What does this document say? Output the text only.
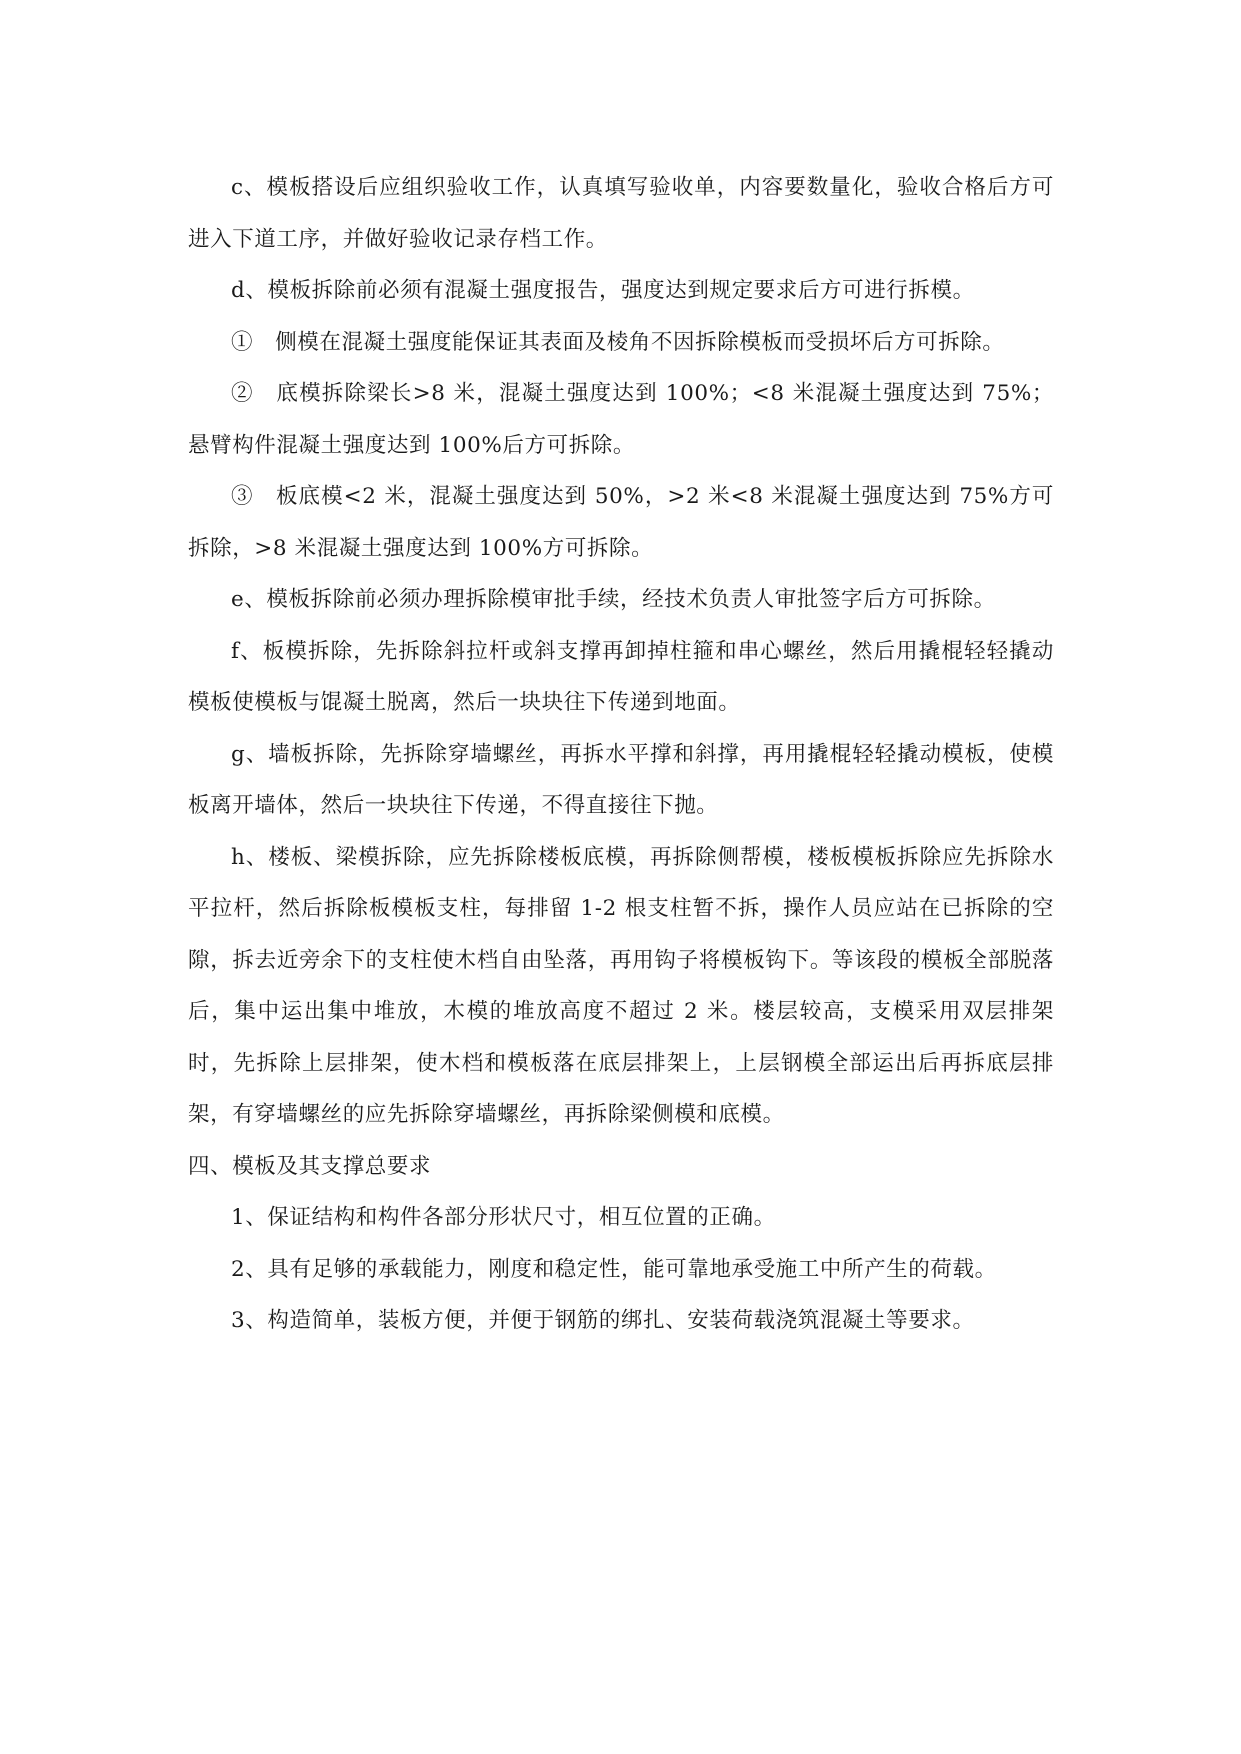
c、模板搭设后应组织验收工作，认真填写验收单，内容要数量化，验收合格后方可进入下道工序，并做好验收记录存档工作。

d、模板拆除前必须有混凝土强度报告，强度达到规定要求后方可进行拆模。

①　侧模在混凝土强度能保证其表面及棱角不因拆除模板而受损坏后方可拆除。

②　底模拆除梁长>8 米，混凝土强度达到 100%；<8 米混凝土强度达到 75%；悬臂构件混凝土强度达到 100%后方可拆除。

③　板底模<2 米，混凝土强度达到 50%，>2 米<8 米混凝土强度达到 75%方可拆除，>8 米混凝土强度达到 100%方可拆除。

e、模板拆除前必须办理拆除模审批手续，经技术负责人审批签字后方可拆除。

f、板模拆除，先拆除斜拉杆或斜支撑再卸掉柱箍和串心螺丝，然后用撬棍轻轻撬动模板使模板与馄凝土脱离，然后一块块往下传递到地面。

g、墙板拆除，先拆除穿墙螺丝，再拆水平撑和斜撑，再用撬棍轻轻撬动模板，使模板离开墙体，然后一块块往下传递，不得直接往下抛。

h、楼板、梁模拆除，应先拆除楼板底模，再拆除侧帮模，楼板模板拆除应先拆除水平拉杆，然后拆除板模板支柱，每排留 1-2 根支柱暂不拆，操作人员应站在已拆除的空隙，拆去近旁余下的支柱使木档自由坠落，再用钩子将模板钩下。等该段的模板全部脱落后，集中运出集中堆放，木模的堆放高度不超过 2 米。楼层较高，支模采用双层排架时，先拆除上层排架，使木档和模板落在底层排架上，上层钢模全部运出后再拆底层排架，有穿墙螺丝的应先拆除穿墙螺丝，再拆除梁侧模和底模。

四、模板及其支撑总要求

1、保证结构和构件各部分形状尺寸，相互位置的正确。

2、具有足够的承载能力，刚度和稳定性，能可靠地承受施工中所产生的荷载。

3、构造简单，装板方便，并便于钢筋的绑扎、安装荷载浇筑混凝土等要求。
